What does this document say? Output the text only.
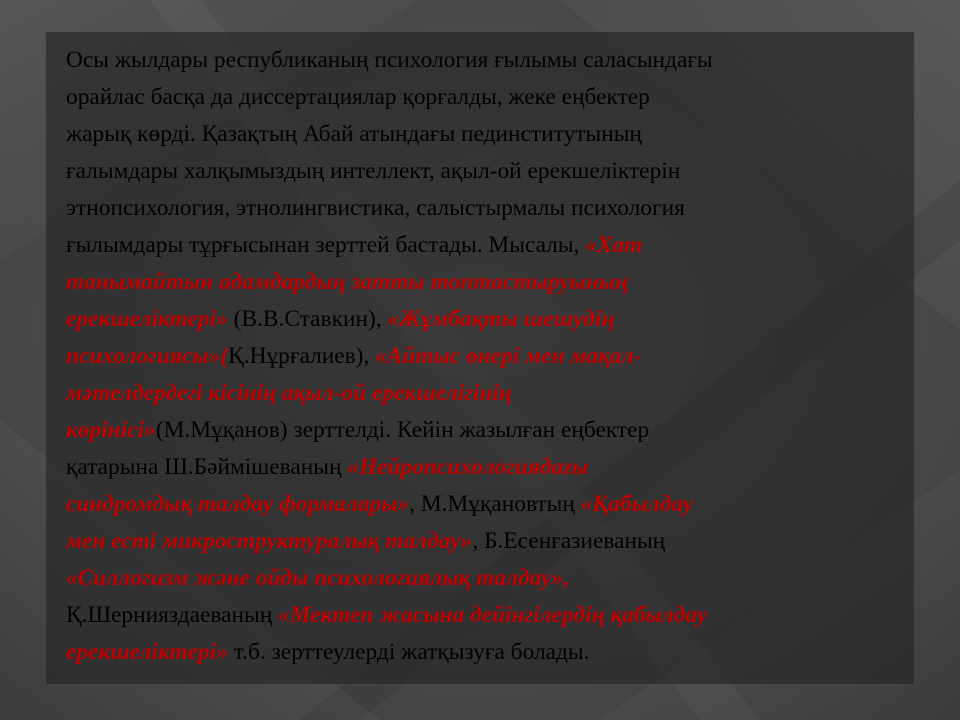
Осы жылдары республиканың психология ғылымы саласындағы
орайлас басқа да диссертациялар қорғалды, жеке еңбектер
жарық көрді. Қазақтың Абай атындағы пединститутының
ғалымдары халқымыздың интеллект, ақыл-ой ерекшеліктерін
этнопсихология, этнолингвистика, салыстырмалы психология
ғылымдары тұрғысынан зерттей бастады. Мысалы, «Хат
танымайтын адамдардың затты топтастыруының
ерекшеліктері» (В.В.Ставкин), «Жұмбақты шешудің
психологиясы»(Қ.Нұрғалиев), «Айтыс өнері мен мақал-
мәтелдердегі кісінің ақыл-ой ерекшелігінің
көрінісі»(М.Мұқанов) зерттелді. Кейін жазылған еңбектер
қатарына Ш.Бәймішеваның «Нейропсихологиядағы
синдромдық талдау формалары», М.Мұқановтың «Қабылдау
мен есті микроструктуралық талдау», Б.Есенғазиеваның
«Силлогизм және ойды психологиялық талдау»,
Қ.Шернияздаеваның «Мектеп жасына дейінгілердің қабылдау
ерекшеліктері» т.б. зерттеулерді жатқызуға болады.
